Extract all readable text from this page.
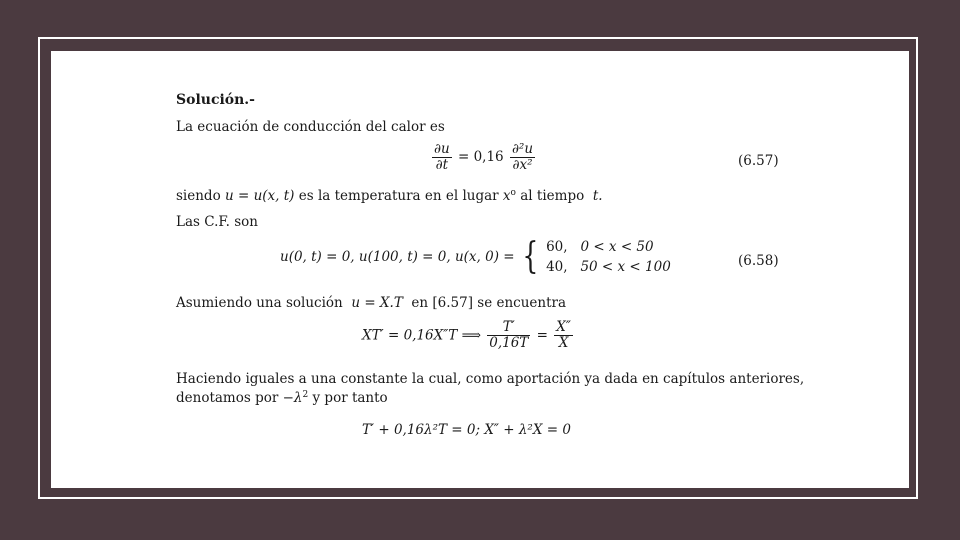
Solución.-
La ecuación de conducción del calor es
$\frac{\partial u}{\partial t} = 0,16 \frac{\text{∂²u}}{\text{∂x²}}$	(6.57)
siendo u = u(x, t) es la temperatura en el lugar $x^o$ al tiempo t.
Las C.F. son
u(0, t) = 0, u(100, t) = 0, u(x, 0) = { 60, 0 < x < 50
40, 50 < x < 100	(6.58)
Asumiendo una solución u = X.T en [6.57] se encuentra
XT′ = 0,16X″T ⟹ $\frac{T'}{0,16T} = \frac{X''}{X}$
Haciendo iguales a una constante la cual, como aportación ya dada en capítulos anteriores,
denotamos por $-\lambda^2$ y por tanto
T′ + 0,16λ²T = 0; X″ + λ²X = 0
